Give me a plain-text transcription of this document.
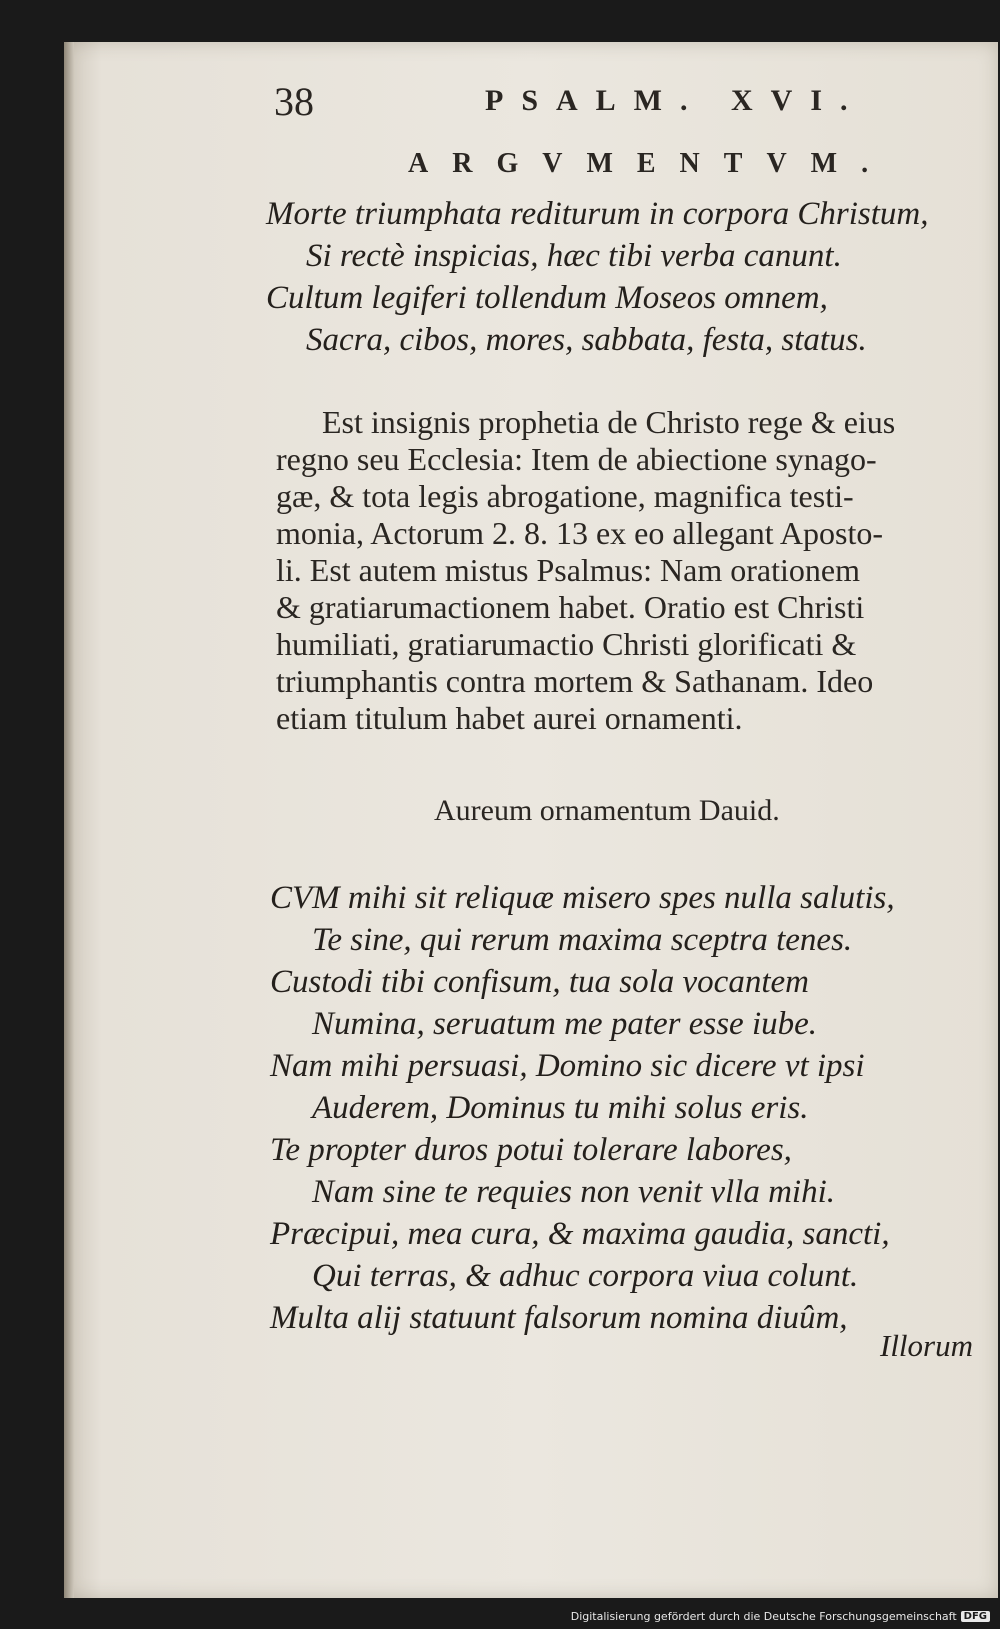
38	PSALM. XVI.
ARGVMENTVM.
Morte triumphata rediturum in corpora Christum,
Si rectè inspicias, hæc tibi verba canunt.
Cultum legiferi tollendum Moseos omnem,
Sacra, cibos, mores, sabbata, festa, status.
Est insignis prophetia de Christo rege & eius
regno seu Ecclesia: Item de abiectione synago-
gæ, & tota legis abrogatione, magnifica testi-
monia, Actorum 2. 8. 13 ex eo allegant Aposto-
li. Est autem mistus Psalmus: Nam orationem
& gratiarumactionem habet. Oratio est Christi
humiliati, gratiarumactio Christi glorificati &
triumphantis contra mortem & Sathanam. Ideo
etiam titulum habet aurei ornamenti.
Aureum ornamentum Dauid.
CVM mihi sit reliquæ misero spes nulla salutis,
Te sine, qui rerum maxima sceptra tenes.
Custodi tibi confisum, tua sola vocantem
Numina, seruatum me pater esse iube.
Nam mihi persuasi, Domino sic dicere vt ipsi
Auderem, Dominus tu mihi solus eris.
Te propter duros potui tolerare labores,
Nam sine te requies non venit vlla mihi.
Præcipui, mea cura, & maxima gaudia, sancti,
Qui terras, & adhuc corpora viua colunt.
Multa alij statuunt falsorum nomina diuûm,
Illorum
Digitalisierung gefördert durch die Deutsche Forschungsgemeinschaft DFG
